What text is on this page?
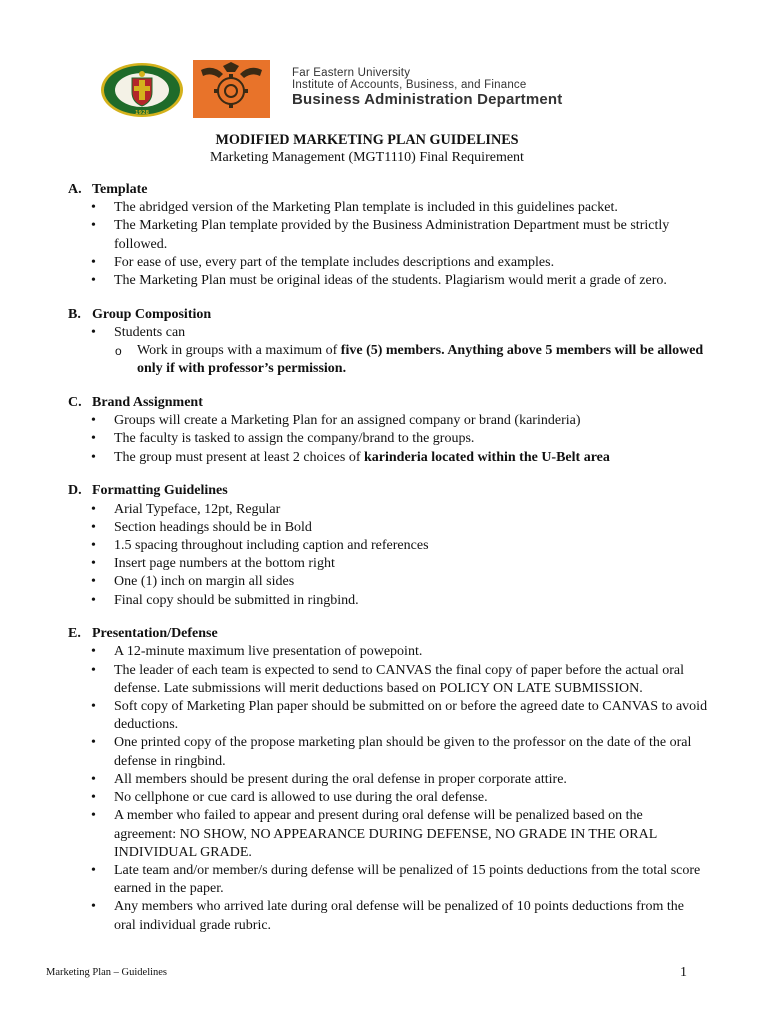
1928
Far Eastern University
Institute of Accounts, Business, and Finance
Business Administration Department
MODIFIED MARKETING PLAN GUIDELINES
Marketing Management (MGT1110) Final Requirement
A. Template
• The abridged version of the Marketing Plan template is included in this guidelines packet.
• The Marketing Plan template provided by the Business Administration Department must be strictly followed.
• For ease of use, every part of the template includes descriptions and examples.
• The Marketing Plan must be original ideas of the students. Plagiarism would merit a grade of zero.
B. Group Composition
• Students can
o Work in groups with a maximum of five (5) members. Anything above 5 members will be allowed only if with professor’s permission.
C. Brand Assignment
• Groups will create a Marketing Plan for an assigned company or brand (karinderia)
• The faculty is tasked to assign the company/brand to the groups.
• The group must present at least 2 choices of karinderia located within the U-Belt area
D. Formatting Guidelines
• Arial Typeface, 12pt, Regular
• Section headings should be in Bold
• 1.5 spacing throughout including caption and references
• Insert page numbers at the bottom right
• One (1) inch on margin all sides
• Final copy should be submitted in ringbind.
E. Presentation/Defense
• A 12-minute maximum live presentation of powepoint.
• The leader of each team is expected to send to CANVAS the final copy of paper before the actual oral defense. Late submissions will merit deductions based on POLICY ON LATE SUBMISSION.
• Soft copy of Marketing Plan paper should be submitted on or before the agreed date to CANVAS to avoid deductions.
• One printed copy of the propose marketing plan should be given to the professor on the date of the oral defense in ringbind.
• All members should be present during the oral defense in proper corporate attire.
• No cellphone or cue card is allowed to use during the oral defense.
• A member who failed to appear and present during oral defense will be penalized based on the agreement: NO SHOW, NO APPEARANCE DURING DEFENSE, NO GRADE IN THE ORAL INDIVIDUAL GRADE.
• Late team and/or member/s during defense will be penalized of 15 points deductions from the total score earned in the paper.
• Any members who arrived late during oral defense will be penalized of 10 points deductions from the oral individual grade rubric.
Marketing Plan – Guidelines	1
